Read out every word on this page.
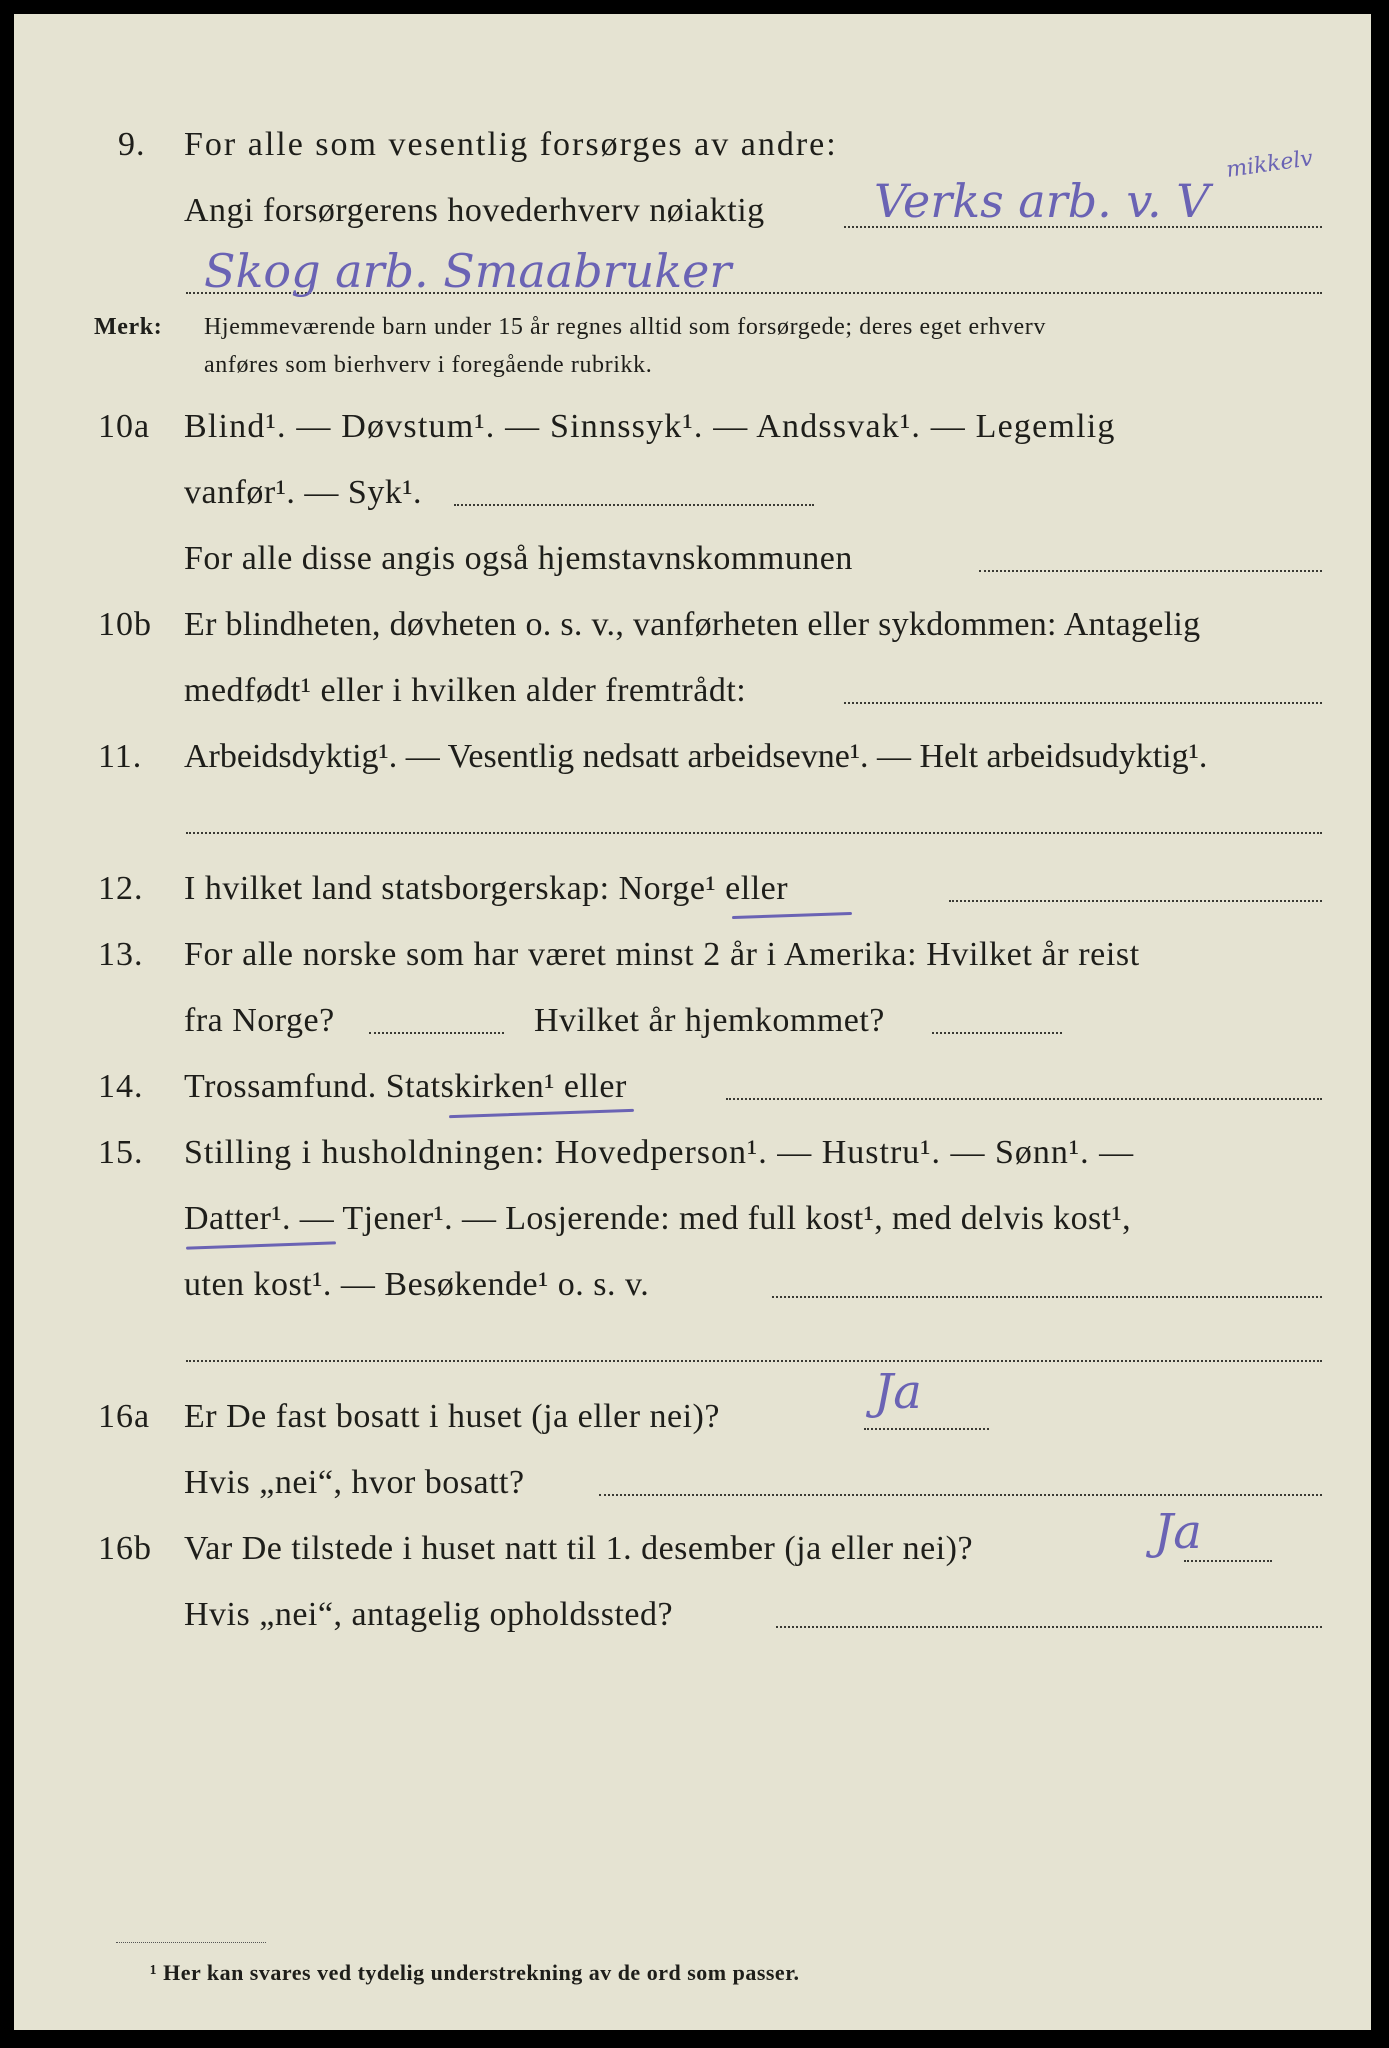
9. For alle som vesentlig forsørges av andre:
Angi forsørgerens hovederhverv nøiaktig Verks arb. v. V
mikkelv
Skog arb. Smaabruker
Merk: Hjemmeværende barn under 15 år regnes alltid som forsørgede; deres eget erhverv
anføres som bierhverv i foregående rubrikk.
10a Blind¹. — Døvstum¹. — Sinnssyk¹. — Andssvak¹. — Legemlig
vanfør¹. — Syk¹.
For alle disse angis også hjemstavnskommunen
10b Er blindheten, døvheten o. s. v., vanførheten eller sykdommen: Antagelig
medfødt¹ eller i hvilken alder fremtrådt:
11. Arbeidsdyktig¹. — Vesentlig nedsatt arbeidsevne¹. — Helt arbeidsudyktig¹.
12. I hvilket land statsborgerskap: Norge¹ eller
13. For alle norske som har været minst 2 år i Amerika: Hvilket år reist
fra Norge?	Hvilket år hjemkommet?
14. Trossamfund. Statskirken¹ eller
15. Stilling i husholdningen: Hovedperson¹. — Hustru¹. — Sønn¹. —
Datter¹. — Tjener¹. — Losjerende: med full kost¹, med delvis kost¹,
uten kost¹. — Besøkende¹ o. s. v.
16a Er De fast bosatt i huset (ja eller nei)?	Ja
Hvis „nei“, hvor bosatt?
16b Var De tilstede i huset natt til 1. desember (ja eller nei)?	Ja
Hvis „nei“, antagelig opholdssted?
¹ Her kan svares ved tydelig understrekning av de ord som passer.
